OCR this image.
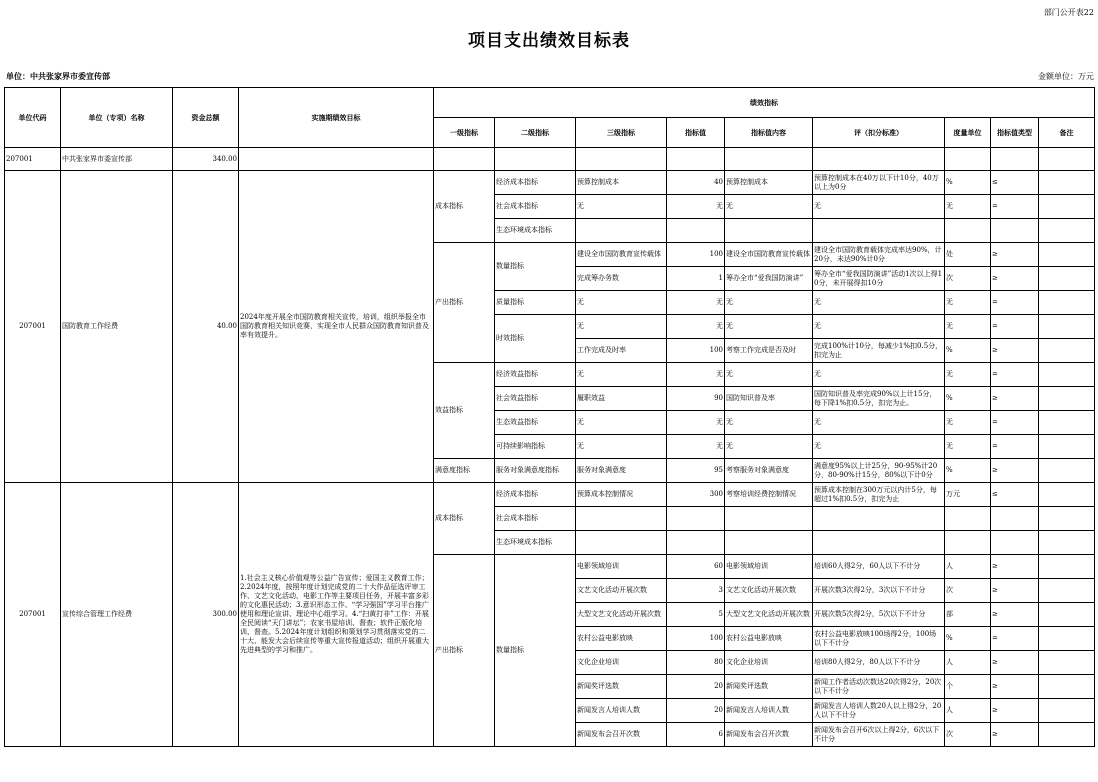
部门公开表22
项目支出绩效目标表
单位：中共张家界市委宣传部	金额单位：万元
单位代码	单位（专项）名称	资金总额	实施期绩效目标	绩效指标								
				一级指标	二级指标	三级指标	指标值	指标值内容	评（扣分标准）	度量单位	指标值类型	备注
207001	中共张家界市委宣传部	340.00										
207001	国防教育工作经费	40.00	2024年度开展全市国防教育相关宣传，培训，组织举报全市国防教育相关知识竞赛，实现全市人民群众国防教育知识普及率有效提升。	成本指标	经济成本指标	预算控制成本	40	预算控制成本	预算控制成本在40万以下计10分，40万以上为0分	%	≤	
					社会成本指标	无	无	无	无	无	=	
					生态环境成本指标							
				产出指标	数量指标	建设全市国防教育宣传载体	100	建设全市国防教育宣传载体	建设全市国防教育载体完成率达90%，计20分，未达90%计0分	处	≥	
						完成筹办务数	1	筹办全市“爱我国防演讲”	筹办全市“爱我国防演讲”活动1次以上得10分，未开展得扣10分	次	≥	
					质量指标	无	无	无	无	无	=	
					时效指标	无	无	无	无	无	=	
						工作完成及时率	100	考察工作完成是否及时	完成100%计10分，每减少1%扣0.5分，扣完为止	%	≥	
				效益指标	经济效益指标	无	无	无	无	无	=	
					社会效益指标	履职效益	90	国防知识普及率	国防知识普及率完成90%以上计15分，每下降1%扣0.5分，扣完为止。	%	≥	
					生态效益指标	无	无	无	无	无	=	
					可持续影响指标	无	无	无	无	无	=	
				满意度指标	服务对象满意度指标	服务对象满意度	95	考察服务对象满意度	满意度95%以上计25分，90-95%计20分，80-90%计15分，80%以下计0分	%	≥	
207001	宣传综合管理工作经费	300.00	1.社会主义核心价值观等公益广告宣传；爱国主义教育工作；2.2024年度，按照年度计划完成党的二十大作品征选评审工作、文艺文化活动、电影工作等主要项目任务，开展丰富多彩的文化惠民活动；3.意识形态工作、“学习强国”学习平台推广使用和理论宣讲、理论中心组学习。4.“扫黄打非”工作：开展全民阅读“天门讲坛”；农家书屋培训、督查；软件正版化培训、督查。5.2024年度计划组织和策划学习贯彻落实党的二十大、能发大会后续宣传等重大宣传报道活动；组织开展重大先进典型的学习和推广。	成本指标	经济成本指标	预算成本控制情况	300	考察培训经费控制情况	预算成本控制在300万元以内计5分，每超过1%扣0.5分，扣完为止	万元	≤	
					社会成本指标							
					生态环境成本指标							
				产出指标	数量指标	电影领域培训	60	电影领域培训	培训60人得2分，60人以下不计分	人	≥	
						文艺文化活动开展次数	3	文艺文化活动开展次数	开展次数3次得2分，3次以下不计分	次	≥	
						大型文艺文化活动开展次数	5	大型文艺文化活动开展次数	开展次数5次得2分，5次以下不计分	部	≥	
						农村公益电影放映	100	农村公益电影放映	农村公益电影放映100场得2分，100场以下不计分	%	=	
						文化企业培训	80	文化企业培训	培训80人得2分，80人以下不计分	人	≥	
						新闻奖评选数	20	新闻奖评选数	新闻工作者活动次数达20次得2分，20次以下不计分	个	≥	
						新闻发言人培训人数	20	新闻发言人培训人数	新闻发言人培训人数20人以上得2分，20人以下不计分	人	≥	
						新闻发布会召开次数	6	新闻发布会召开次数	新闻发布会召开6次以上得2分，6次以下不计分	次	≥	
